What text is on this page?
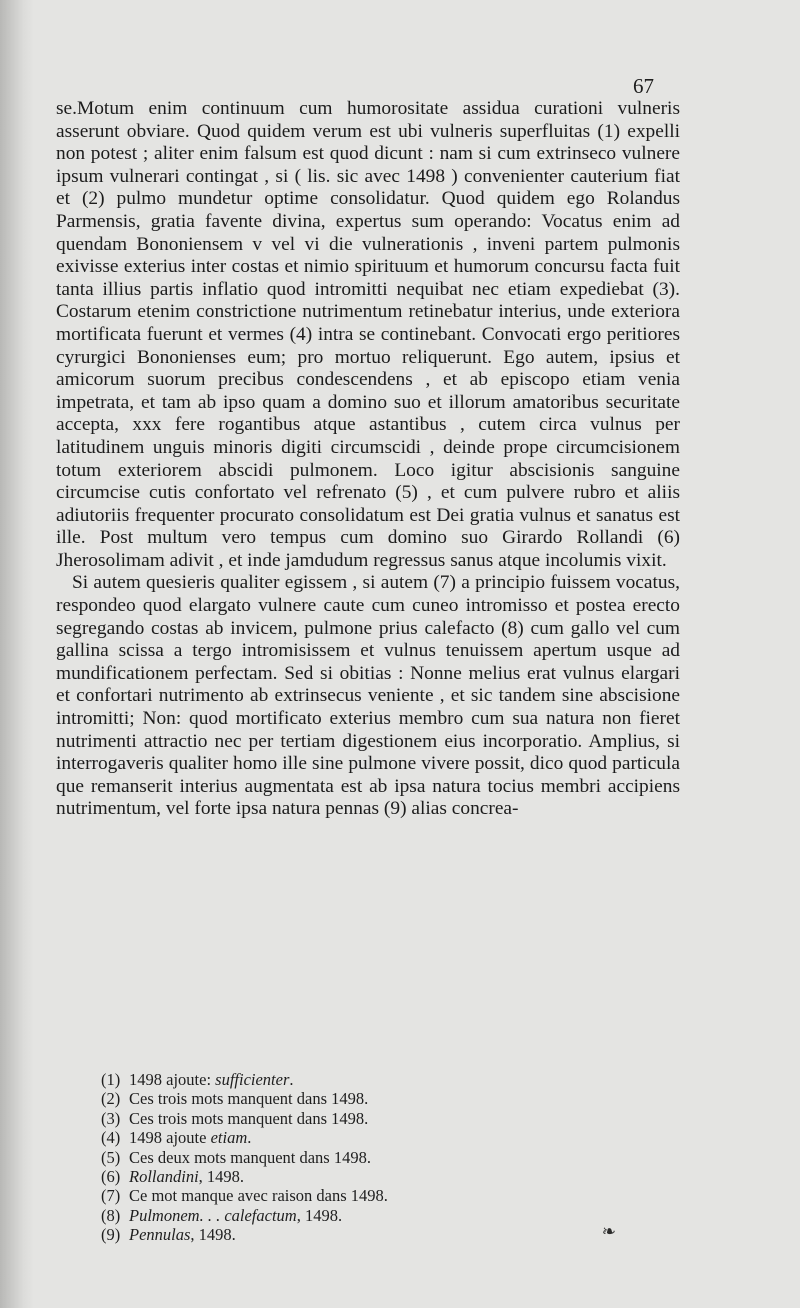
67

se.Motum enim continuum cum humorositate assidua curationi vulneris asserunt obviare. Quod quidem verum est ubi vulneris superfluitas (1) expelli non potest ; aliter enim falsum est quod dicunt : nam si cum extrinseco vulnere ipsum vulnerari contingat , si ( lis. sic avec 1498 ) convenienter cauterium fiat et (2) pulmo mundetur optime consolidatur. Quod quidem ego Rolandus Parmensis, gratia favente divina, expertus sum operando: Vocatus enim ad quendam Bononiensem v vel vi die vulnerationis , inveni partem pulmonis exivisse exterius inter costas et nimio spirituum et humorum concursu facta fuit tanta illius partis inflatio quod intromitti nequibat nec etiam expediebat (3). Costarum etenim constrictione nutrimentum retinebatur interius, unde exteriora mortificata fuerunt et vermes (4) intra se continebant. Convocati ergo peritiores cyrurgici Bononienses eum; pro mortuo reliquerunt. Ego autem, ipsius et amicorum suorum precibus condescendens , et ab episcopo etiam venia impetrata, et tam ab ipso quam a domino suo et illorum amatoribus securitate accepta, xxx fere rogantibus atque astantibus , cutem circa vulnus per latitudinem unguis minoris digiti circumscidi , deinde prope circumcisionem totum exteriorem abscidi pulmonem. Loco igitur abscisionis sanguine circumcise cutis confortato vel refrenato (5) , et cum pulvere rubro et aliis adiutoriis frequenter procurato consolidatum est Dei gratia vulnus et sanatus est ille. Post multum vero tempus cum domino suo Girardo Rollandi (6) Jherosolimam adivit , et inde jamdudum regressus sanus atque incolumis vixit.

Si autem quesieris qualiter egissem , si autem (7) a principio fuissem vocatus, respondeo quod elargato vulnere caute cum cuneo intromisso et postea erecto segregando costas ab invicem, pulmone prius calefacto (8) cum gallo vel cum gallina scissa a tergo intromisissem et vulnus tenuissem apertum usque ad mundificationem perfectam. Sed si obitias : Nonne melius erat vulnus elargari et confortari nutrimento ab extrinsecus veniente , et sic tandem sine abscisione intromitti; Non: quod mortificato exterius membro cum sua natura non fieret nutrimenti attractio nec per tertiam digestionem eius incorporatio. Amplius, si interrogaveris qualiter homo ille sine pulmone vivere possit, dico quod particula que remanserit interius augmentata est ab ipsa natura tocius membri accipiens nutrimentum, vel forte ipsa natura pennas (9) alias concrea-

(1) 1498 ajoute: sufficienter.
(2) Ces trois mots manquent dans 1498.
(3) Ces trois mots manquent dans 1498.
(4) 1498 ajoute etiam.
(5) Ces deux mots manquent dans 1498.
(6) Rollandini, 1498.
(7) Ce mot manque avec raison dans 1498.
(8) Pulmonem. . . calefactum, 1498.
(9) Pennulas, 1498.	❧
